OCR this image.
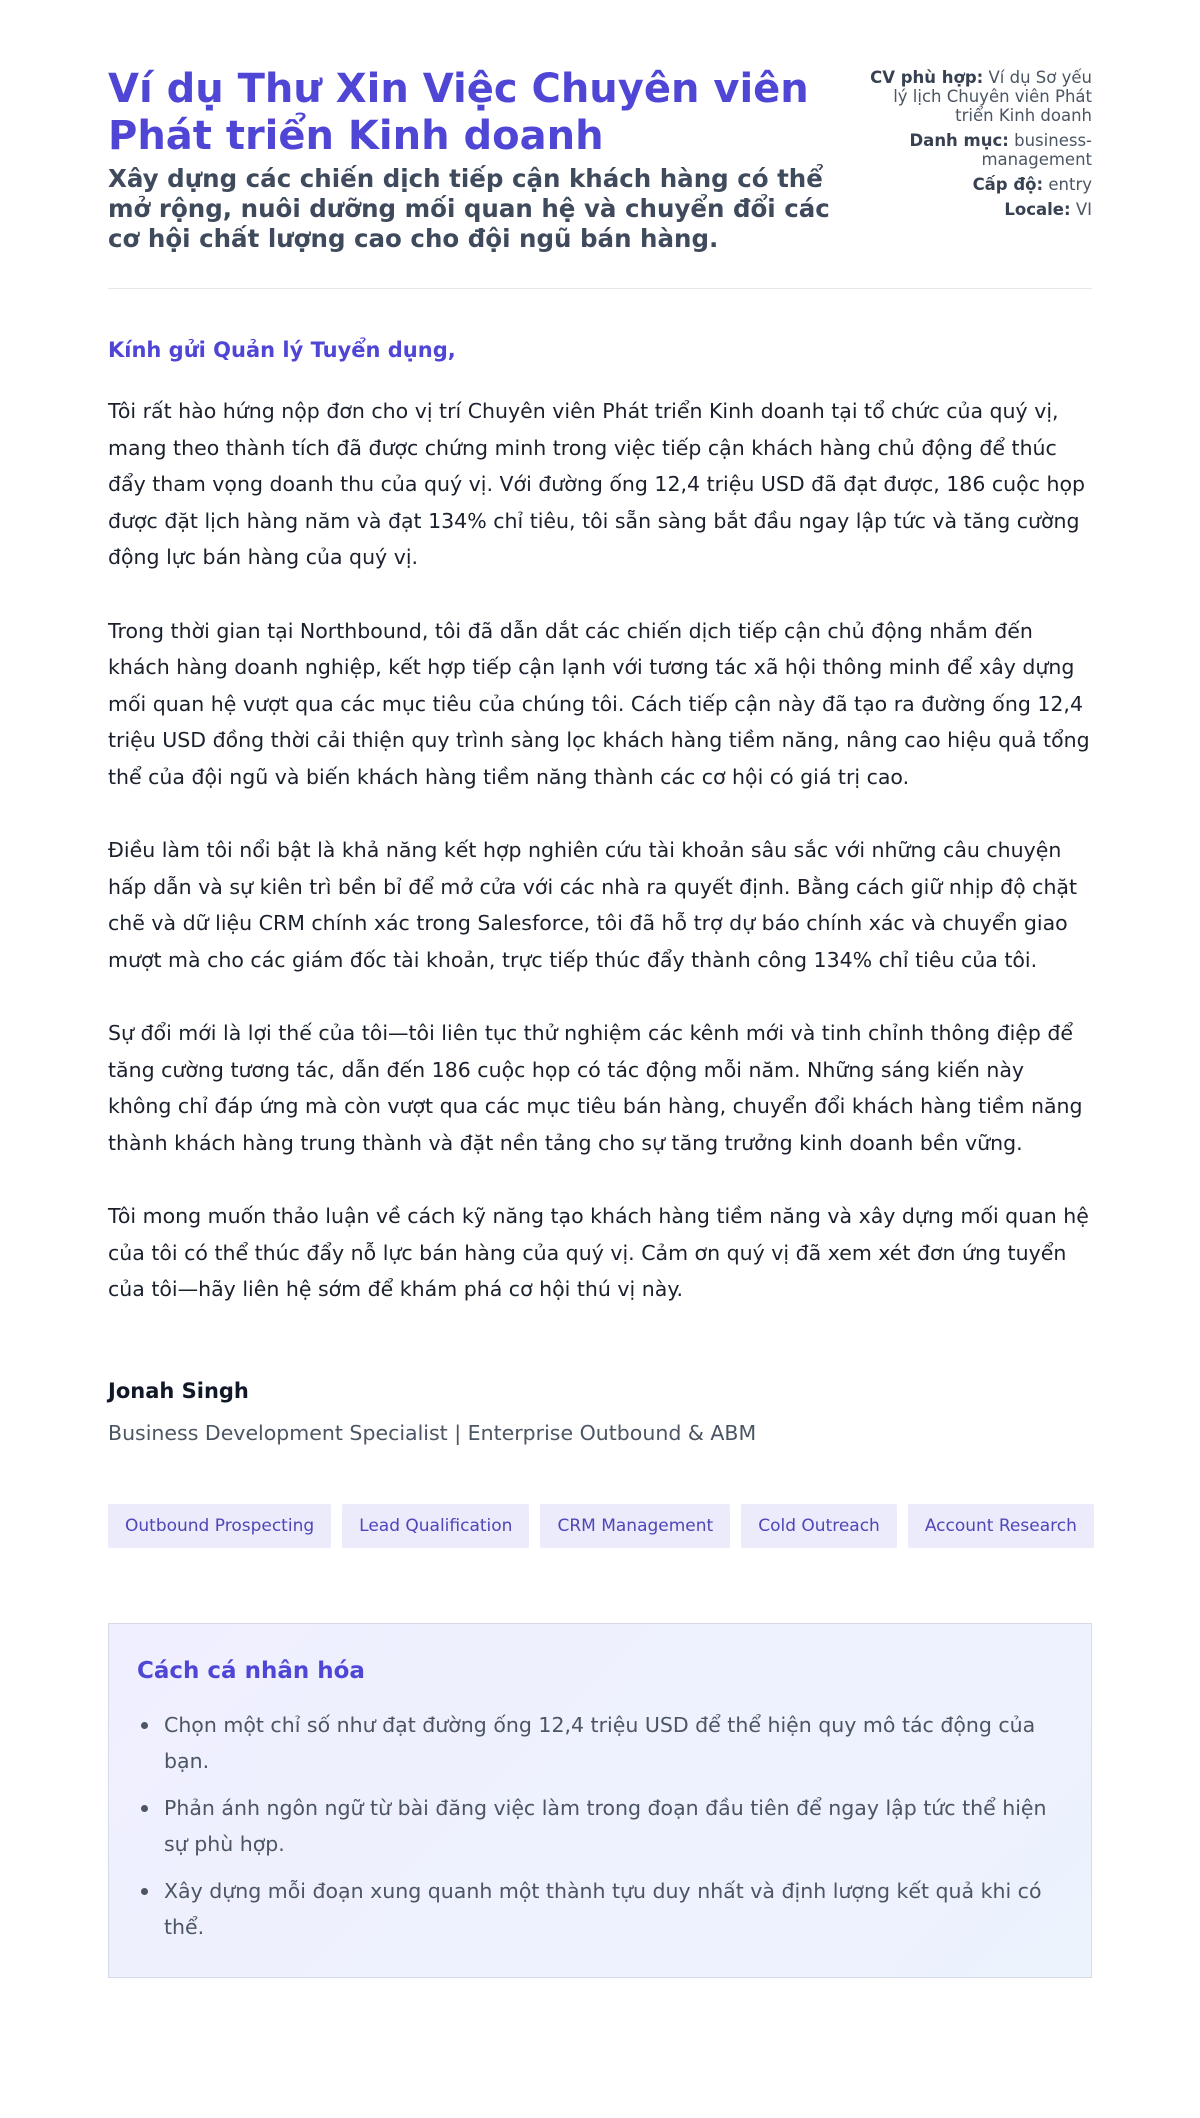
Ví dụ Thư Xin Việc Chuyên viên Phát triển Kinh doanh
Xây dựng các chiến dịch tiếp cận khách hàng có thể mở rộng, nuôi dưỡng mối quan hệ và chuyển đổi các cơ hội chất lượng cao cho đội ngũ bán hàng.
CV phù hợp: Ví dụ Sơ yếu lý lịch Chuyên viên Phát triển Kinh doanh
Danh mục: business-management
Cấp độ: entry
Locale: VI
Kính gửi Quản lý Tuyển dụng,

Tôi rất hào hứng nộp đơn cho vị trí Chuyên viên Phát triển Kinh doanh tại tổ chức của quý vị, mang theo thành tích đã được chứng minh trong việc tiếp cận khách hàng chủ động để thúc đẩy tham vọng doanh thu của quý vị. Với đường ống 12,4 triệu USD đã đạt được, 186 cuộc họp được đặt lịch hàng năm và đạt 134% chỉ tiêu, tôi sẵn sàng bắt đầu ngay lập tức và tăng cường động lực bán hàng của quý vị.

Trong thời gian tại Northbound, tôi đã dẫn dắt các chiến dịch tiếp cận chủ động nhắm đến khách hàng doanh nghiệp, kết hợp tiếp cận lạnh với tương tác xã hội thông minh để xây dựng mối quan hệ vượt qua các mục tiêu của chúng tôi. Cách tiếp cận này đã tạo ra đường ống 12,4 triệu USD đồng thời cải thiện quy trình sàng lọc khách hàng tiềm năng, nâng cao hiệu quả tổng thể của đội ngũ và biến khách hàng tiềm năng thành các cơ hội có giá trị cao.

Điều làm tôi nổi bật là khả năng kết hợp nghiên cứu tài khoản sâu sắc với những câu chuyện hấp dẫn và sự kiên trì bền bỉ để mở cửa với các nhà ra quyết định. Bằng cách giữ nhịp độ chặt chẽ và dữ liệu CRM chính xác trong Salesforce, tôi đã hỗ trợ dự báo chính xác và chuyển giao mượt mà cho các giám đốc tài khoản, trực tiếp thúc đẩy thành công 134% chỉ tiêu của tôi.

Sự đổi mới là lợi thế của tôi—tôi liên tục thử nghiệm các kênh mới và tinh chỉnh thông điệp để tăng cường tương tác, dẫn đến 186 cuộc họp có tác động mỗi năm. Những sáng kiến này không chỉ đáp ứng mà còn vượt qua các mục tiêu bán hàng, chuyển đổi khách hàng tiềm năng thành khách hàng trung thành và đặt nền tảng cho sự tăng trưởng kinh doanh bền vững.

Tôi mong muốn thảo luận về cách kỹ năng tạo khách hàng tiềm năng và xây dựng mối quan hệ của tôi có thể thúc đẩy nỗ lực bán hàng của quý vị. Cảm ơn quý vị đã xem xét đơn ứng tuyển của tôi—hãy liên hệ sớm để khám phá cơ hội thú vị này.

Jonah Singh
Business Development Specialist | Enterprise Outbound & ABM
Outbound Prospecting	Lead Qualification	CRM Management	Cold Outreach	Account Research
Cách cá nhân hóa
Chọn một chỉ số như đạt đường ống 12,4 triệu USD để thể hiện quy mô tác động của bạn.
Phản ánh ngôn ngữ từ bài đăng việc làm trong đoạn đầu tiên để ngay lập tức thể hiện sự phù hợp.
Xây dựng mỗi đoạn xung quanh một thành tựu duy nhất và định lượng kết quả khi có thể.
